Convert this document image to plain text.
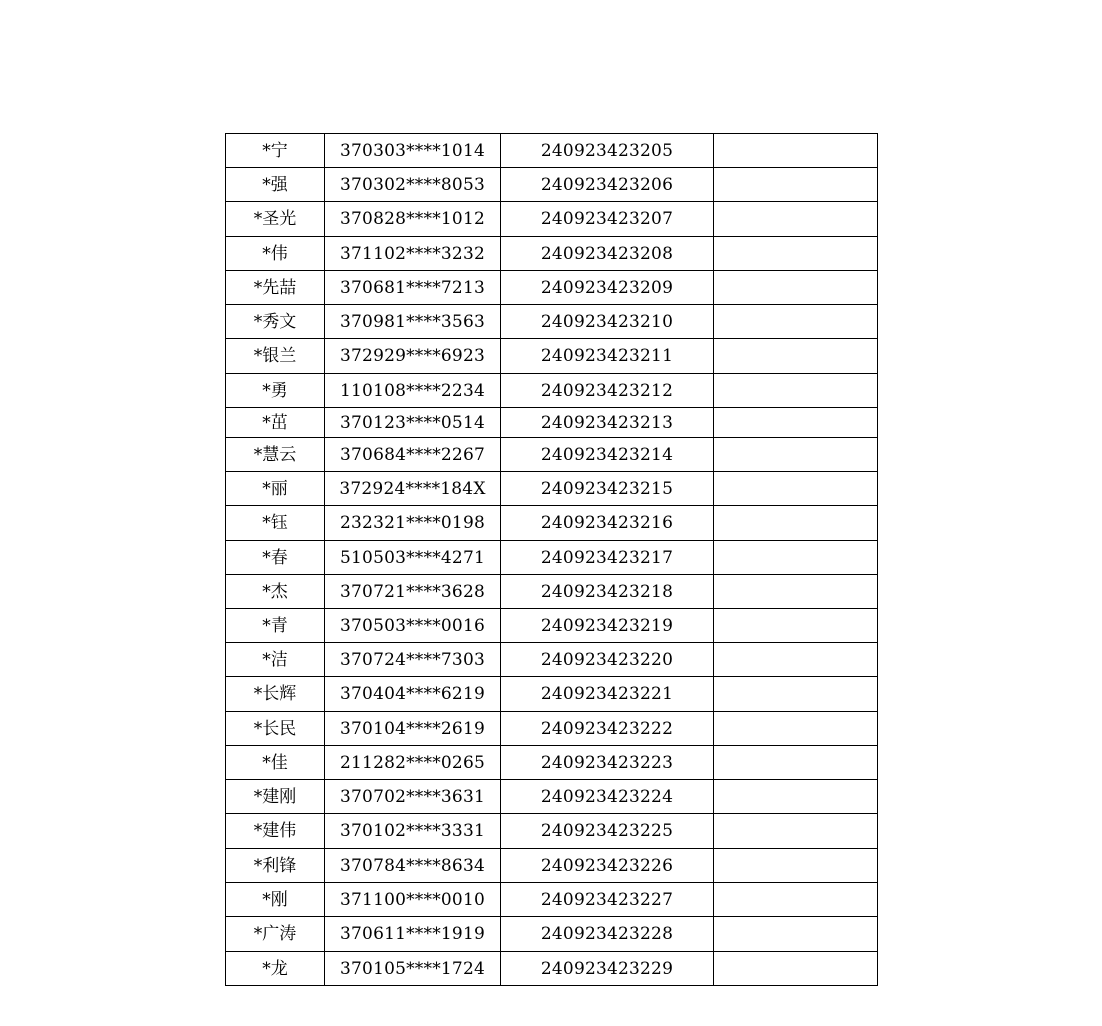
*宁	370303****1014	240923423205	
*强	370302****8053	240923423206	
*圣光	370828****1012	240923423207	
*伟	371102****3232	240923423208	
*先喆	370681****7213	240923423209	
*秀文	370981****3563	240923423210	
*银兰	372929****6923	240923423211	
*勇	110108****2234	240923423212	
*茁	370123****0514	240923423213	
*慧云	370684****2267	240923423214	
*丽	372924****184X	240923423215	
*钰	232321****0198	240923423216	
*春	510503****4271	240923423217	
*杰	370721****3628	240923423218	
*青	370503****0016	240923423219	
*洁	370724****7303	240923423220	
*长辉	370404****6219	240923423221	
*长民	370104****2619	240923423222	
*佳	211282****0265	240923423223	
*建刚	370702****3631	240923423224	
*建伟	370102****3331	240923423225	
*利锋	370784****8634	240923423226	
*刚	371100****0010	240923423227	
*广涛	370611****1919	240923423228	
*龙	370105****1724	240923423229	
